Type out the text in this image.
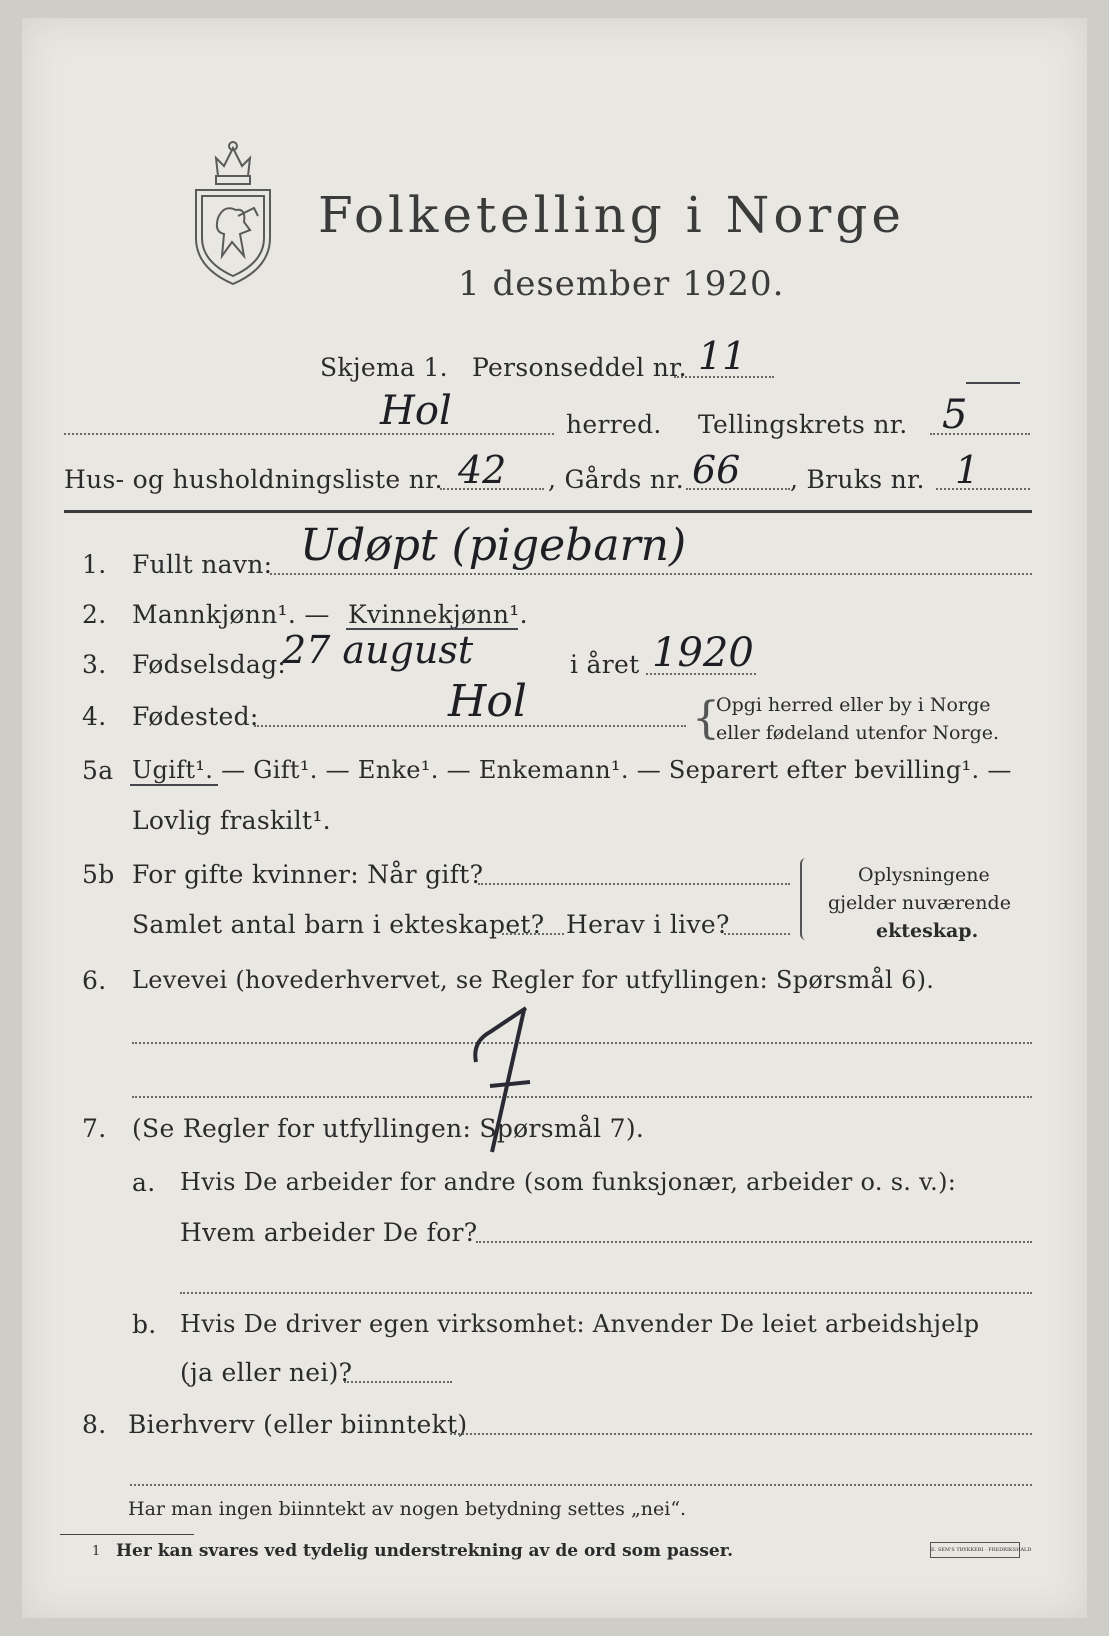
Folketelling i Norge
1 desember 1920.
Skjema 1. Personseddel nr. 11
Hol	herred. Tellingskrets nr. 5
Hus- og husholdningsliste nr. 42 , Gårds nr. 66 , Bruks nr. 1
1.	Fullt navn: Udøpt (pigebarn)
2.	Mannkjønn¹. — Kvinnekjønn¹.
3.	Fødselsdag:
27 august	i året 1920
4.	Fødested:	Hol	{
Opgi herred eller by i Norge
eller fødeland utenfor Norge.
5a Ugift¹. — Gift¹. — Enke¹. — Enkemann¹. — Separert efter bevilling¹. —
Lovlig fraskilt¹.
5b For gifte kvinner: Når gift?
Samlet antal barn i ekteskapet? Herav i live?
Oplysningene
gjelder nuværende
ekteskap.
6.	Levevei (hovederhvervet, se Regler for utfyllingen: Spørsmål 6).
7.	(Se Regler for utfyllingen: Spørsmål 7).
a. Hvis De arbeider for andre (som funksjonær, arbeider o. s. v.):
Hvem arbeider De for?
b. Hvis De driver egen virksomhet: Anvender De leiet arbeidshjelp
(ja eller nei)?
8. Bierhverv (eller biinntekt)
Har man ingen biinntekt av nogen betydning settes „nei“.
1 Her kan svares ved tydelig understrekning av de ord som passer.	E. SEM'S TRYKKERI · FREDRIKSHALD
